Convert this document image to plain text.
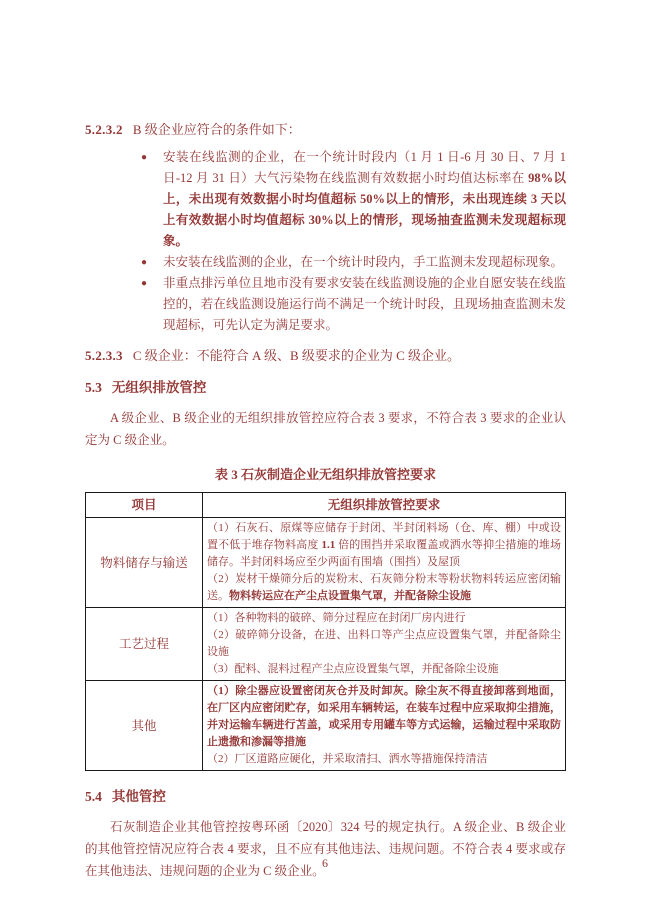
5.2.3.2 B 级企业应符合的条件如下：

● 安装在线监测的企业，在一个统计时段内（1 月 1 日-6 月 30 日、7 月 1 日-12 月 31 日）大气污染物在线监测有效数据小时均值达标率在 98%以上，未出现有效数据小时均值超标 50%以上的情形，未出现连续 3 天以上有效数据小时均值超标 30%以上的情形，现场抽查监测未发现超标现象。
● 未安装在线监测的企业，在一个统计时段内，手工监测未发现超标现象。
● 非重点排污单位且地市没有要求安装在线监测设施的企业自愿安装在线监控的，若在线监测设施运行尚不满足一个统计时段，且现场抽查监测未发现超标，可先认定为满足要求。

5.2.3.3 C 级企业：不能符合 A 级、B 级要求的企业为 C 级企业。

5.3 无组织排放管控

A 级企业、B 级企业的无组织排放管控应符合表 3 要求，不符合表 3 要求的企业认定为 C 级企业。

表 3 石灰制造企业无组织排放管控要求

项目	无组织排放管控要求
物料储存与输送	（1）石灰石、原煤等应储存于封闭、半封闭料场（仓、库、棚）中或设置不低于堆存物料高度 1.1 倍的围挡并采取覆盖或洒水等抑尘措施的堆场储存。半封闭料场应至少两面有围墙（围挡）及屋顶

（2）炭材干燥筛分后的炭粉末、石灰筛分粉末等粉状物料转运应密闭输送。物料转运应在产尘点设置集气罩，并配备除尘设施

工艺过程	（1）各种物料的破碎、筛分过程应在封闭厂房内进行

（2）破碎筛分设备，在进、出料口等产尘点应设置集气罩，并配备除尘设施

（3）配料、混料过程产尘点应设置集气罩，并配备除尘设施

其他	（1）除尘器应设置密闭灰仓并及时卸灰。除尘灰不得直接卸落到地面，在厂区内应密闭贮存，如采用车辆转运，在装车过程中应采取抑尘措施，并对运输车辆进行苫盖，或采用专用罐车等方式运输，运输过程中采取防止遗撒和渗漏等措施

（2）厂区道路应硬化，并采取清扫、洒水等措施保持清洁

5.4 其他管控

石灰制造企业其他管控按粤环函〔2020〕324 号的规定执行。A 级企业、B 级企业的其他管控情况应符合表 4 要求，且不应有其他违法、违规问题。不符合表 4 要求或存在其他违法、违规问题的企业为 C 级企业。

6
